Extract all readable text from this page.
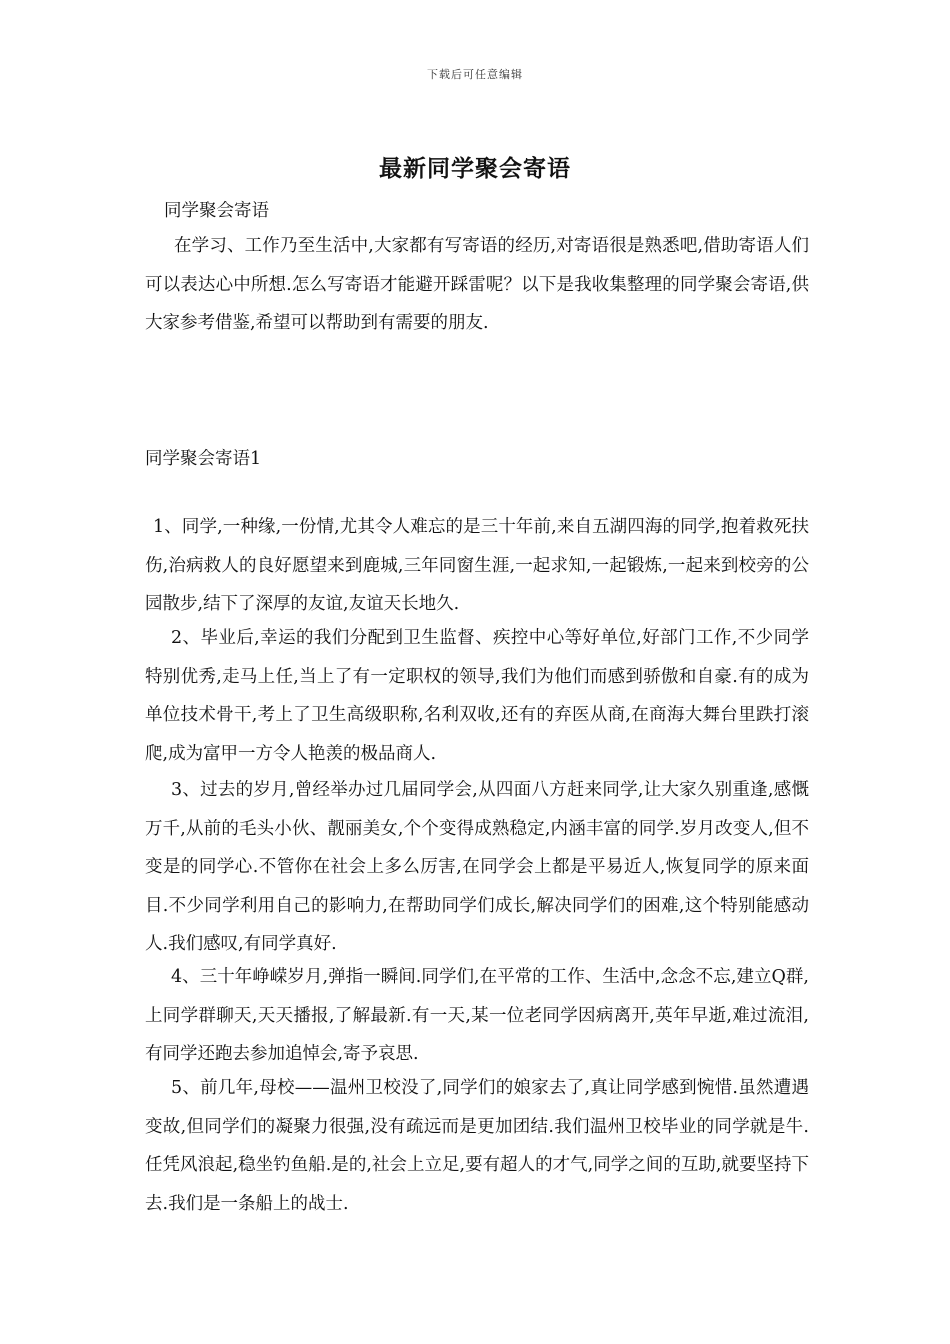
下载后可任意编辑
最新同学聚会寄语

同学聚会寄语

在学习、工作乃至生活中,大家都有写寄语的经历,对寄语很是熟悉吧,借助寄语人们可以表达心中所想.怎么写寄语才能避开踩雷呢？以下是我收集整理的同学聚会寄语,供大家参考借鉴,希望可以帮助到有需要的朋友.

同学聚会寄语1

1、同学,一种缘,一份情,尤其令人难忘的是三十年前,来自五湖四海的同学,抱着救死扶伤,治病救人的良好愿望来到鹿城,三年同窗生涯,一起求知,一起锻炼,一起来到校旁的公园散步,结下了深厚的友谊,友谊天长地久.

2、毕业后,幸运的我们分配到卫生监督、疾控中心等好单位,好部门工作,不少同学特别优秀,走马上任,当上了有一定职权的领导,我们为他们而感到骄傲和自豪.有的成为单位技术骨干,考上了卫生高级职称,名利双收,还有的弃医从商,在商海大舞台里跌打滚爬,成为富甲一方令人艳羡的极品商人.

3、过去的岁月,曾经举办过几届同学会,从四面八方赶来同学,让大家久别重逢,感慨万千,从前的毛头小伙、靓丽美女,个个变得成熟稳定,内涵丰富的同学.岁月改变人,但不变是的同学心.不管你在社会上多么厉害,在同学会上都是平易近人,恢复同学的原来面目.不少同学利用自己的影响力,在帮助同学们成长,解决同学们的困难,这个特别能感动人.我们感叹,有同学真好.

4、三十年峥嵘岁月,弹指一瞬间.同学们,在平常的工作、生活中,念念不忘,建立Q群,上同学群聊天,天天播报,了解最新.有一天,某一位老同学因病离开,英年早逝,难过流泪,有同学还跑去参加追悼会,寄予哀思.

5、前几年,母校——温州卫校没了,同学们的娘家去了,真让同学感到惋惜.虽然遭遇变故,但同学们的凝聚力很强,没有疏远而是更加团结.我们温州卫校毕业的同学就是牛.任凭风浪起,稳坐钓鱼船.是的,社会上立足,要有超人的才气,同学之间的互助,就要坚持下去.我们是一条船上的战士.
